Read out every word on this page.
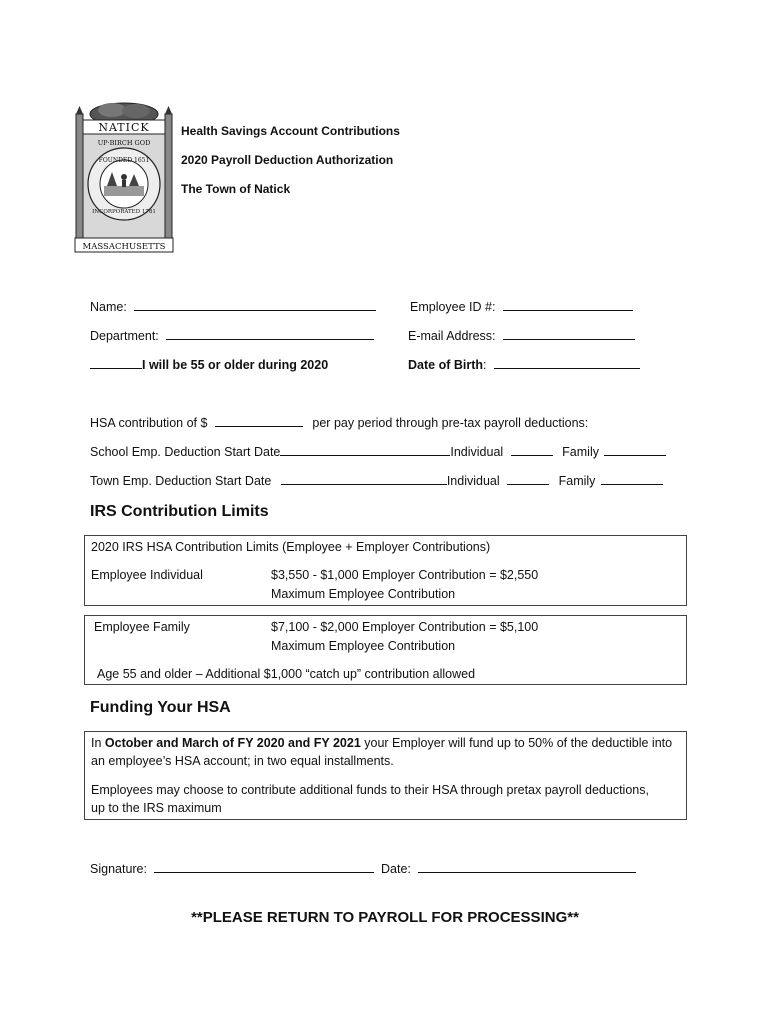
NATICK
UP·BIRCH GOD
FOUNDED 1651
INCORPORATED 1781
MASSACHUSETTS
Health Savings Account Contributions
2020 Payroll Deduction Authorization
The Town of Natick
Name:	Employee ID #:
Department:	E-mail Address:
I will be 55 or older during 2020	Date of Birth:
HSA contribution of $	per pay period through pre-tax payroll deductions:
School Emp. Deduction Start Date	Individual	Family
Town Emp. Deduction Start Date	Individual	Family
IRS Contribution Limits
2020 IRS HSA Contribution Limits (Employee + Employer Contributions)
Employee Individual	$3,550 - $1,000 Employer Contribution = $2,550
Maximum Employee Contribution
Employee Family	$7,100 - $2,000 Employer Contribution = $5,100
Maximum Employee Contribution
Age 55 and older – Additional $1,000 “catch up” contribution allowed
Funding Your HSA
In October and March of FY 2020 and FY 2021 your Employer will fund up to 50% of the deductible into
an employee’s HSA account; in two equal installments.
Employees may choose to contribute additional funds to their HSA through pretax payroll deductions,
up to the IRS maximum
Signature:	Date:
**PLEASE RETURN TO PAYROLL FOR PROCESSING**
